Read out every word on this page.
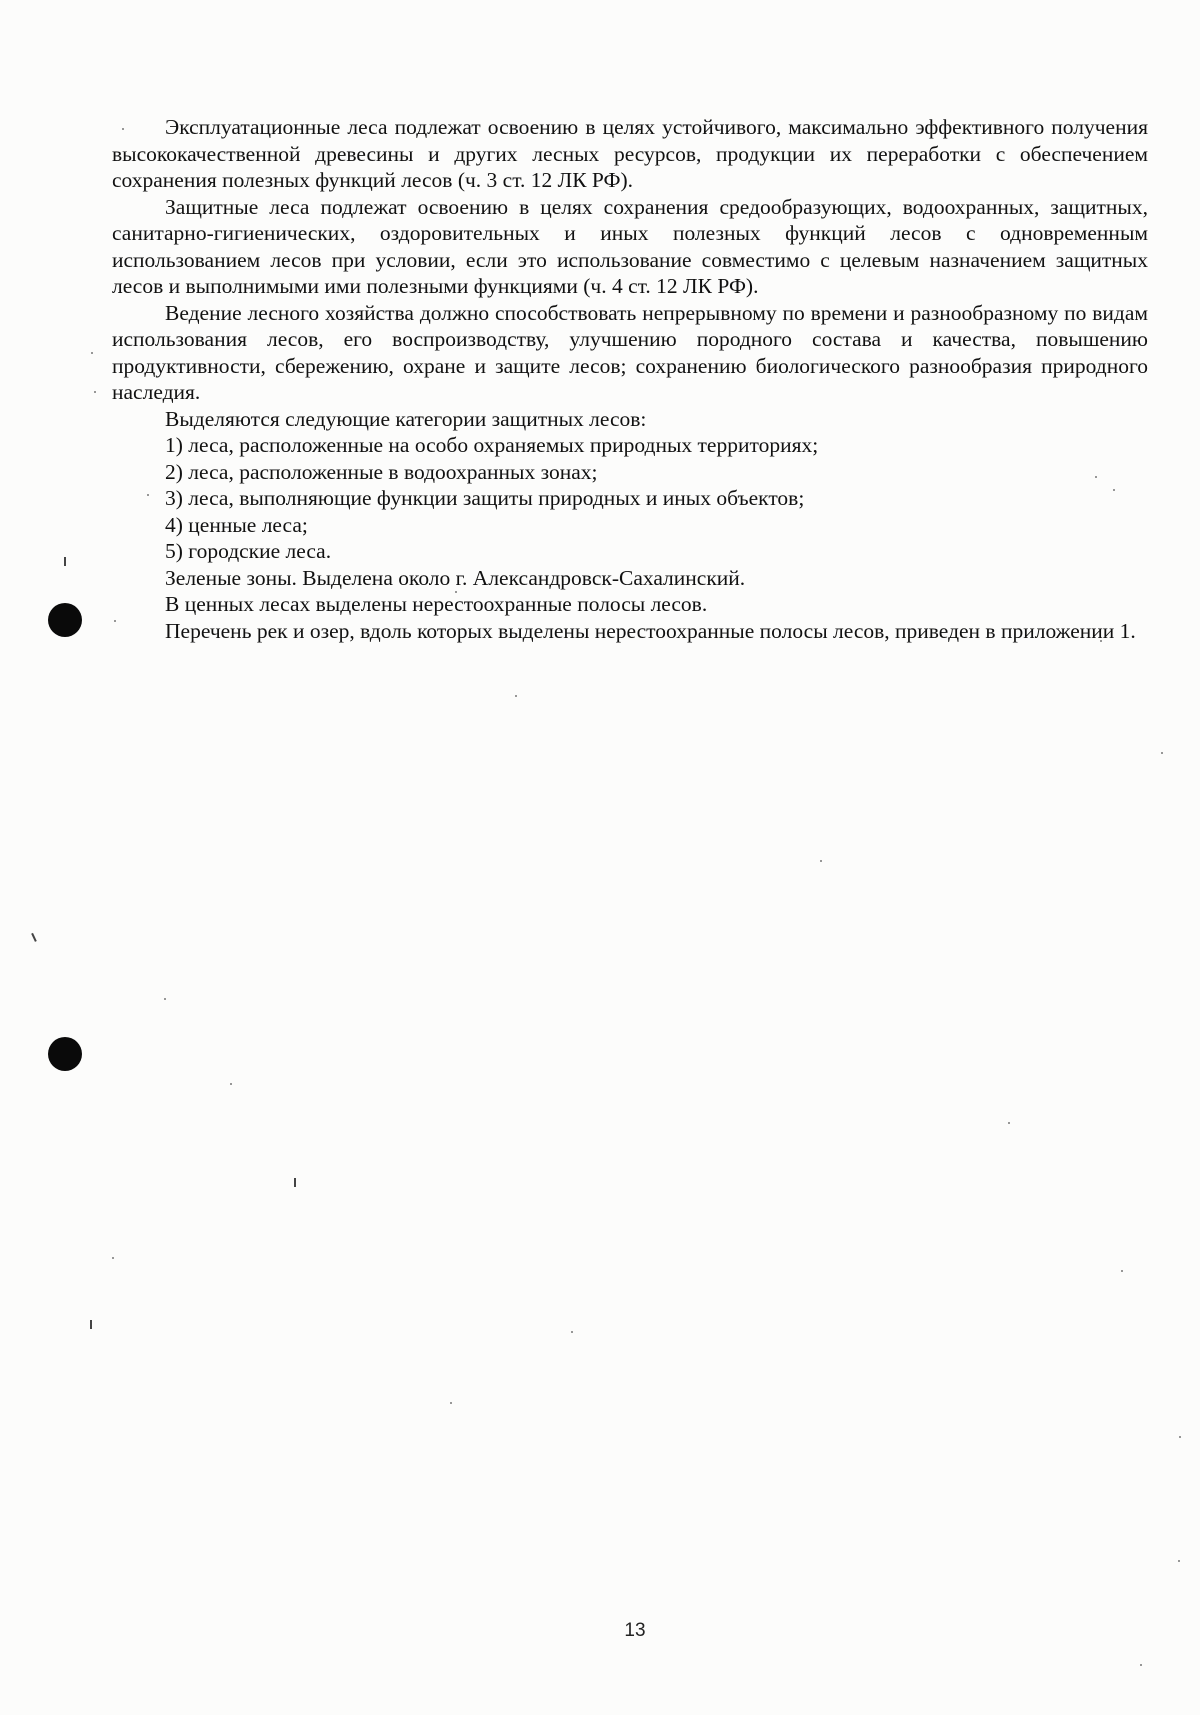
Эксплуатационные леса подлежат освоению в целях устойчивого, максимально эффективного получения высококачественной древесины и других лесных ресурсов, продукции их переработки с обеспечением сохранения полезных функций лесов (ч. 3 ст. 12 ЛК РФ).

Защитные леса подлежат освоению в целях сохранения средообразующих, водоохранных, защитных, санитарно-гигиенических, оздоровительных и иных полезных функций лесов с одновременным использованием лесов при условии, если это использование совместимо с целевым назначением защитных лесов и выполнимыми ими полезными функциями (ч. 4 ст. 12 ЛК РФ).

Ведение лесного хозяйства должно способствовать непрерывному по времени и разнообразному по видам использования лесов, его воспроизводству, улучшению породного состава и качества, повышению продуктивности, сбережению, охране и защите лесов; сохранению биологического разнообразия природного наследия.

Выделяются следующие категории защитных лесов:

1) леса, расположенные на особо охраняемых природных территориях;

2) леса, расположенные в водоохранных зонах;

3) леса, выполняющие функции защиты природных и иных объектов;

4) ценные леса;

5) городские леса.

Зеленые зоны. Выделена около г. Александровск-Сахалинский.

В ценных лесах выделены нерестоохранные полосы лесов.

Перечень рек и озер, вдоль которых выделены нерестоохранные полосы лесов, приведен в приложении 1.

13
